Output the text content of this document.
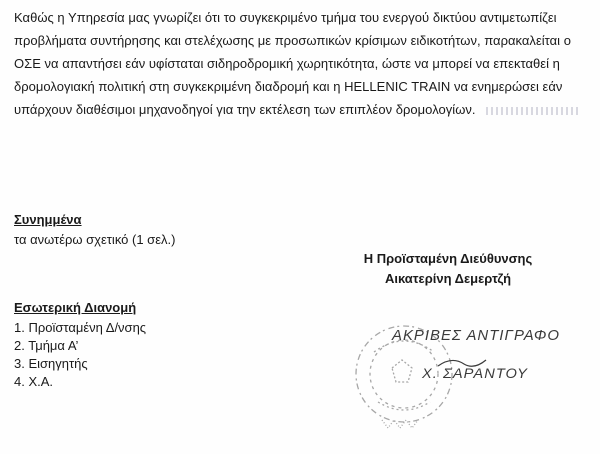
Καθώς η Υπηρεσία μας γνωρίζει ότι το συγκεκριμένο τμήμα του ενεργού δικτύου αντιμετωπίζει
προβλήματα συντήρησης και στελέχωσης με προσωπικών κρίσιμων ειδικοτήτων, παρακαλείται ο
ΟΣΕ να απαντήσει εάν υφίσταται σιδηροδρομική χωρητικότητα, ώστε να μπορεί να επεκταθεί η
δρομολογιακή πολιτική στη συγκεκριμένη διαδρομή και η HELLENIC TRAIN να ενημερώσει εάν
υπάρχουν διαθέσιμοι μηχανοδηγοί για την εκτέλεση των επιπλέον δρομολογίων.
Συνημμένα
τα ανωτέρω σχετικό (1 σελ.)
Η Προϊσταμένη Διεύθυνσης
Αικατερίνη Δεμερτζή
Εσωτερική Διανομή
1. Προϊσταμένη Δ/νσης
2. Τμήμα Α’
3. Εισηγητής
4. Χ.Α.
ΑΚΡΙΒΕΣ ΑΝΤΙΓΡΑΦΟ
Χ. ΣΑΡΑΝΤΟΥ
